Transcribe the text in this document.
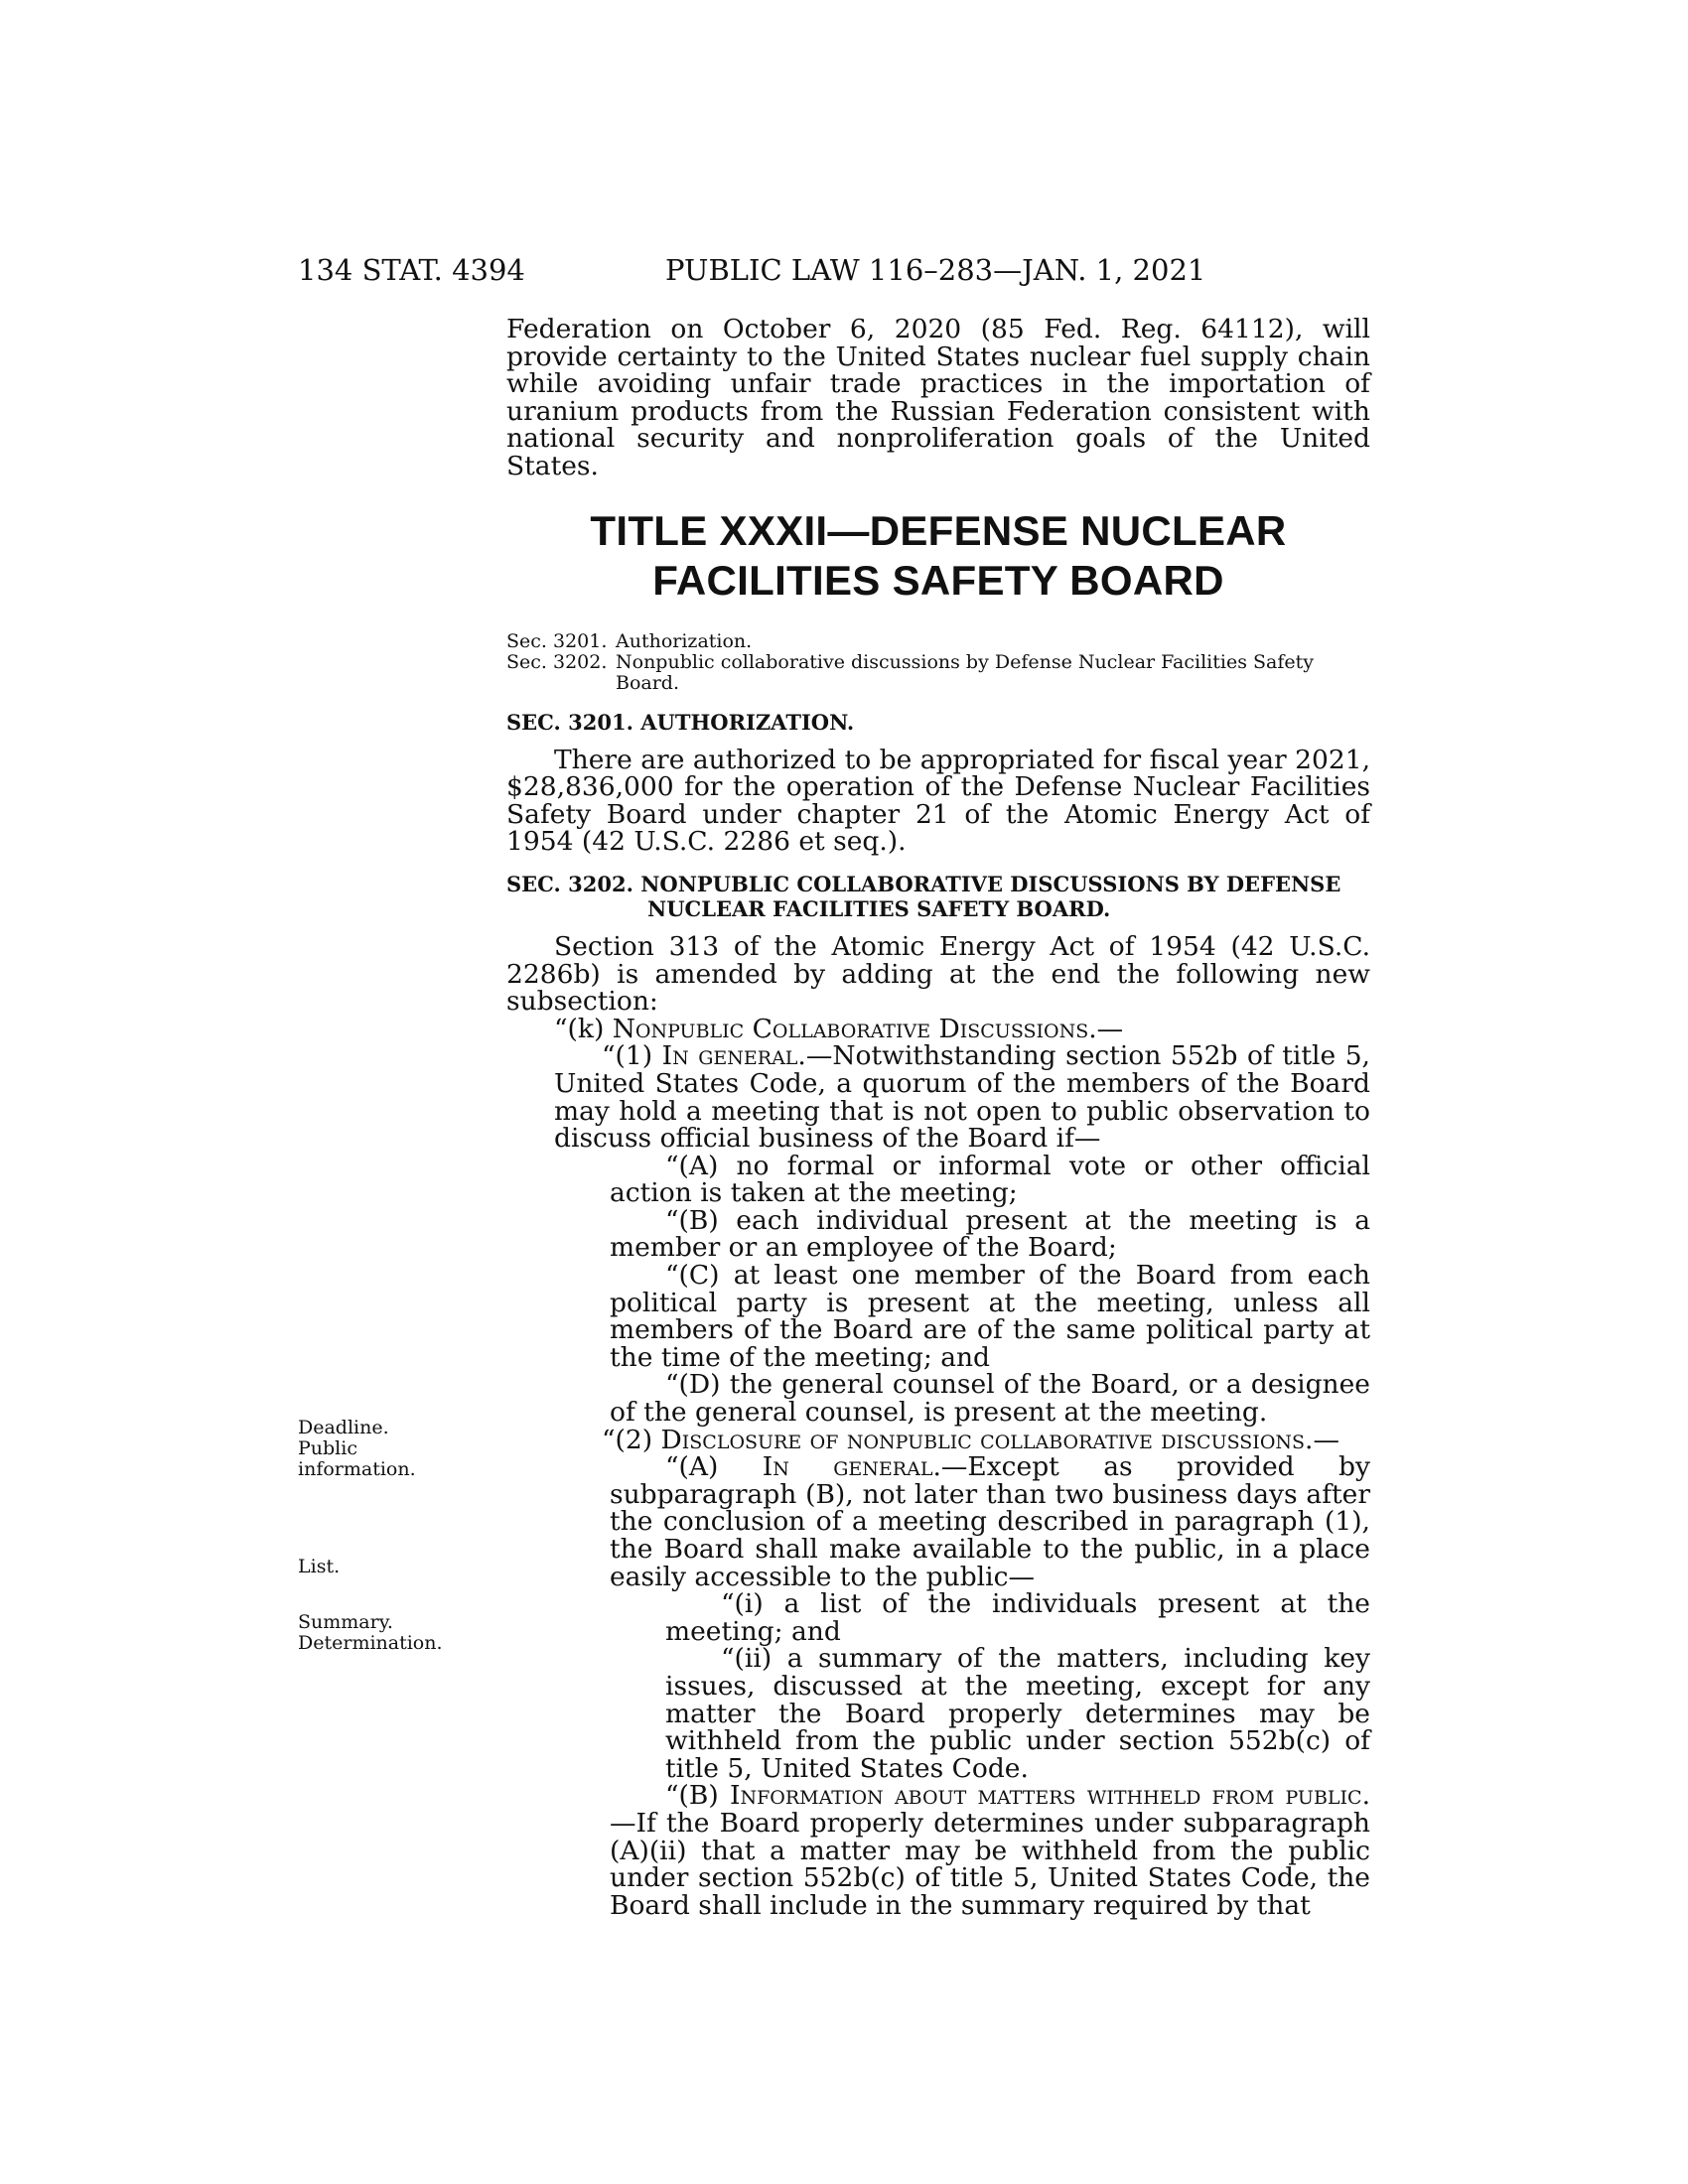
134 STAT. 4394	PUBLIC LAW 116–283—JAN. 1, 2021

Federation on October 6, 2020 (85 Fed. Reg. 64112), will provide certainty to the United States nuclear fuel supply chain while avoiding unfair trade practices in the importation of uranium products from the Russian Federation consistent with national security and nonproliferation goals of the United States.

TITLE XXXII—DEFENSE NUCLEAR
FACILITIES SAFETY BOARD
Sec. 3201. Authorization.
Sec. 3202. Nonpublic collaborative discussions by Defense Nuclear Facilities Safety Board.
SEC. 3201. AUTHORIZATION.

There are authorized to be appropriated for fiscal year 2021, $28,836,000 for the operation of the Defense Nuclear Facilities Safety Board under chapter 21 of the Atomic Energy Act of 1954 (42 U.S.C. 2286 et seq.).

SEC. 3202. NONPUBLIC COLLABORATIVE DISCUSSIONS BY DEFENSE
NUCLEAR FACILITIES SAFETY BOARD.

Section 313 of the Atomic Energy Act of 1954 (42 U.S.C. 2286b) is amended by adding at the end the following new subsection:

“(k) Nonpublic Collaborative Discussions.—

“(1) In general.—Notwithstanding section 552b of title 5, United States Code, a quorum of the members of the Board may hold a meeting that is not open to public observation to discuss official business of the Board if—

“(A) no formal or informal vote or other official action is taken at the meeting;

“(B) each individual present at the meeting is a member or an employee of the Board;

“(C) at least one member of the Board from each political party is present at the meeting, unless all members of the Board are of the same political party at the time of the meeting; and

“(D) the general counsel of the Board, or a designee of the general counsel, is present at the meeting.

“(2) Disclosure of nonpublic collaborative discussions.—

“(A) In general.—Except as provided by subparagraph (B), not later than two business days after the conclusion of a meeting described in paragraph (1), the Board shall make available to the public, in a place easily accessible to the public—

“(i) a list of the individuals present at the meeting; and

“(ii) a summary of the matters, including key issues, discussed at the meeting, except for any matter the Board properly determines may be withheld from the public under section 552b(c) of title 5, United States Code.

“(B) Information about matters withheld from public.—If the Board properly determines under subparagraph (A)(ii) that a matter may be withheld from the public under section 552b(c) of title 5, United States Code, the Board shall include in the summary required by that

Deadline.
Public
information.
List.
Summary.
Determination.
